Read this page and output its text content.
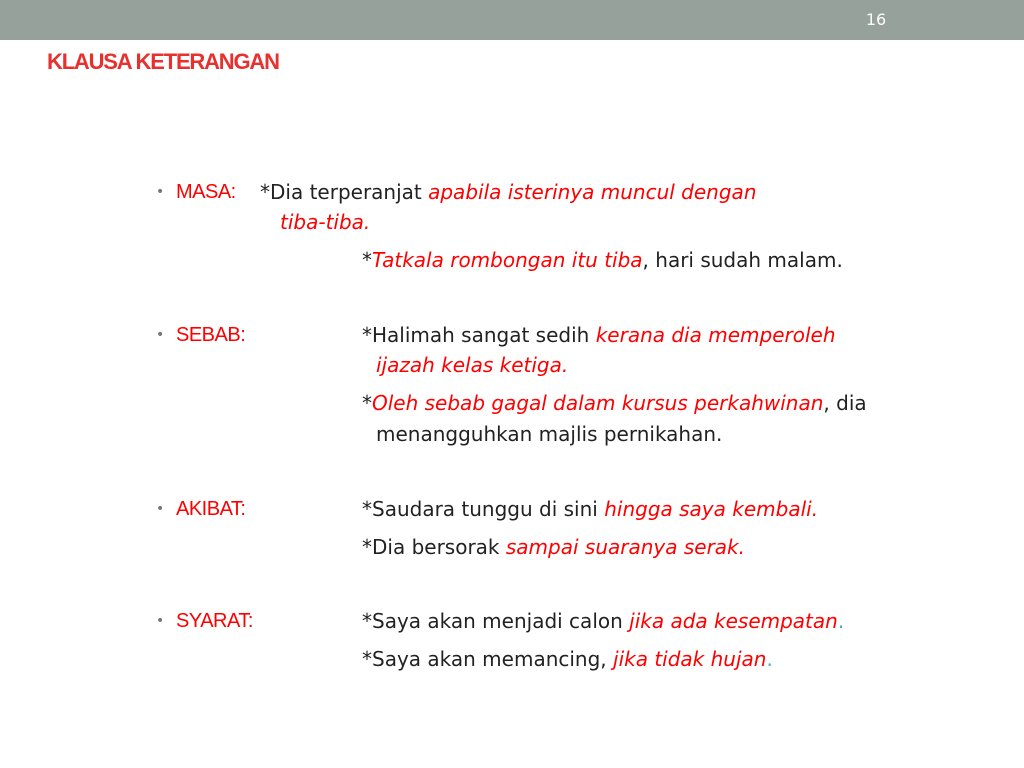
16
KLAUSA KETERANGAN
• MASA: *Dia terperanjat apabila isterinya muncul dengan
tiba-tiba.
*Tatkala rombongan itu tiba, hari sudah malam.
• SEBAB:	*Halimah sangat sedih kerana dia memperoleh
ijazah kelas ketiga.
*Oleh sebab gagal dalam kursus perkahwinan, dia
menangguhkan majlis pernikahan.
• AKIBAT:	*Saudara tunggu di sini hingga saya kembali.
*Dia bersorak sampai suaranya serak.
• SYARAT:	*Saya akan menjadi calon jika ada kesempatan.
*Saya akan memancing, jika tidak hujan.
